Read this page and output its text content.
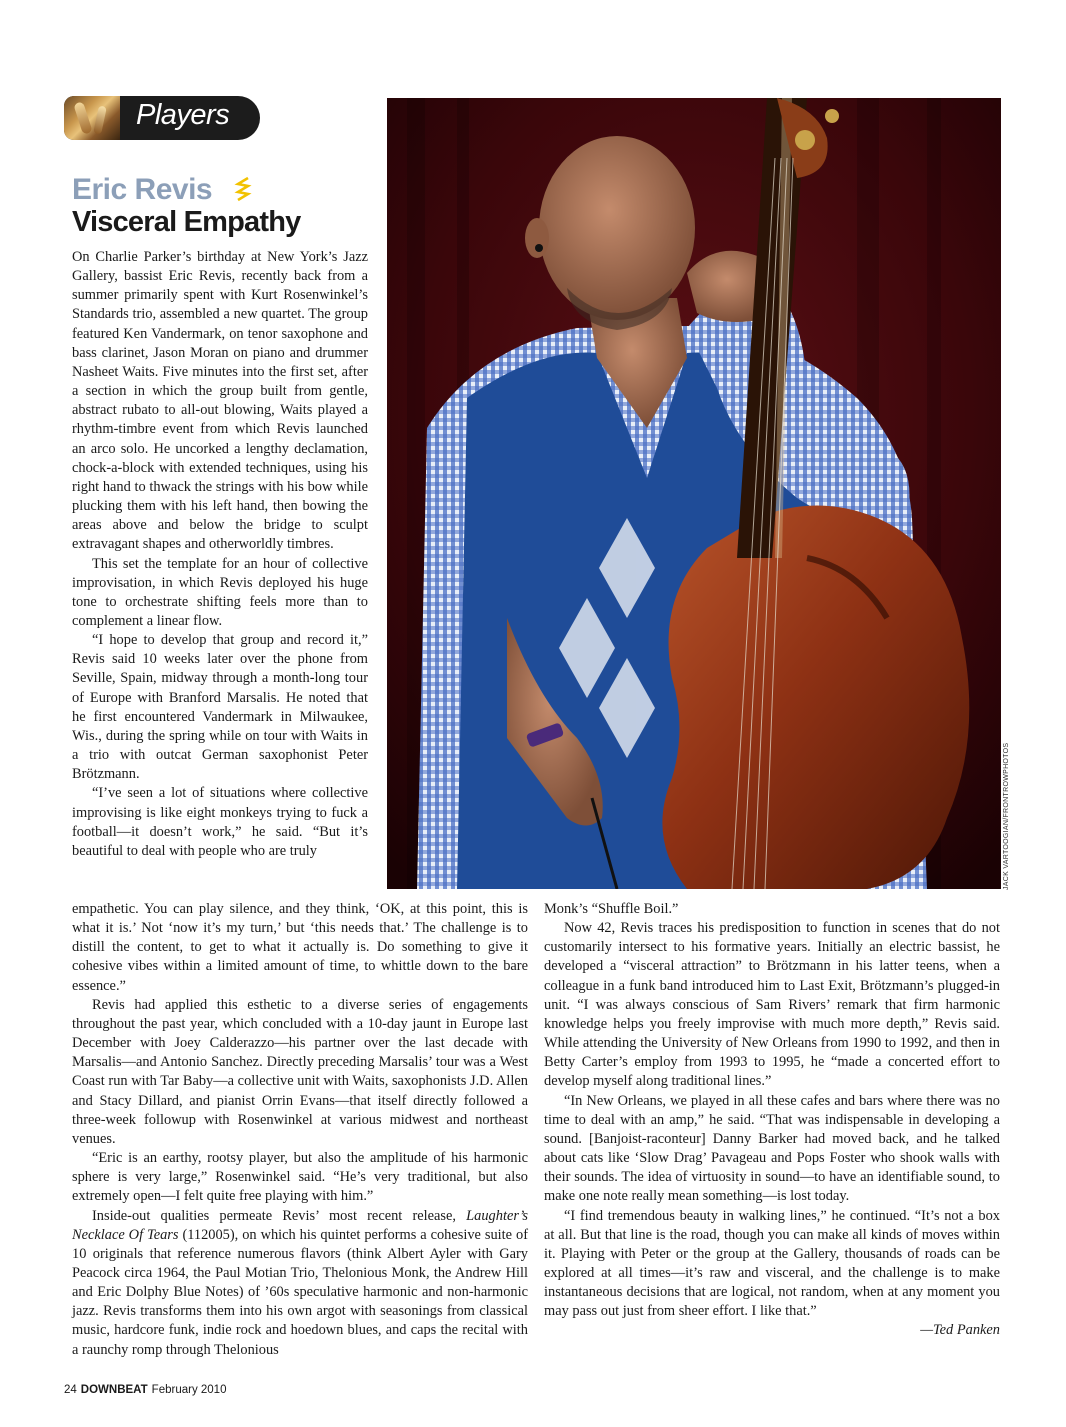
Players
Eric Revis
Visceral Empathy
JACK VARTOOGIAN/FRONTROWPHOTOS

On Charlie Parker’s birthday at New York’s Jazz Gallery, bassist Eric Revis, recently back from a summer primarily spent with Kurt Rosenwinkel’s Standards trio, assembled a new quartet. The group featured Ken Vandermark, on tenor saxophone and bass clarinet, Jason Moran on piano and drummer Nasheet Waits. Five minutes into the first set, after a section in which the group built from gentle, abstract rubato to all-out blowing, Waits played a rhythm-timbre event from which Revis launched an arco solo. He uncorked a lengthy declamation, chock-a-block with extended techniques, using his right hand to thwack the strings with his bow while plucking them with his left hand, then bowing the areas above and below the bridge to sculpt extravagant shapes and otherworldly timbres.

This set the template for an hour of collective improvisation, in which Revis deployed his huge tone to orchestrate shifting feels more than to complement a linear flow.

“I hope to develop that group and record it,” Revis said 10 weeks later over the phone from Seville, Spain, midway through a month-long tour of Europe with Branford Marsalis. He noted that he first encountered Vandermark in Milwaukee, Wis., during the spring while on tour with Waits in a trio with outcat German saxophonist Peter Brötzmann.

“I’ve seen a lot of situations where collective improvising is like eight monkeys trying to fuck a football—it doesn’t work,” he said. “But it’s beautiful to deal with people who are truly

empathetic. You can play silence, and they think, ‘OK, at this point, this is what it is.’ Not ‘now it’s my turn,’ but ‘this needs that.’ The challenge is to distill the content, to get to what it actually is. Do something to give it cohesive vibes within a limited amount of time, to whittle down to the bare essence.”

Revis had applied this esthetic to a diverse series of engagements throughout the past year, which concluded with a 10-day jaunt in Europe last December with Joey Calderazzo—his partner over the last decade with Marsalis—and Antonio Sanchez. Directly preceding Marsalis’ tour was a West Coast run with Tar Baby—a collective unit with Waits, saxophonists J.D. Allen and Stacy Dillard, and pianist Orrin Evans—that itself directly followed a three-week followup with Rosenwinkel at various midwest and northeast venues.

“Eric is an earthy, rootsy player, but also the amplitude of his harmonic sphere is very large,” Rosenwinkel said. “He’s very traditional, but also extremely open—I felt quite free playing with him.”

Inside-out qualities permeate Revis’ most recent release, Laughter’s Necklace Of Tears (112005), on which his quintet performs a cohesive suite of 10 originals that reference numerous flavors (think Albert Ayler with Gary Peacock circa 1964, the Paul Motian Trio, Thelonious Monk, the Andrew Hill and Eric Dolphy Blue Notes) of ’60s speculative harmonic and non-harmonic jazz. Revis transforms them into his own argot with seasonings from classical music, hardcore funk, indie rock and hoedown blues, and caps the recital with a raunchy romp through Thelonious

Monk’s “Shuffle Boil.”

Now 42, Revis traces his predisposition to function in scenes that do not customarily intersect to his formative years. Initially an electric bassist, he developed a “visceral attraction” to Brötzmann in his latter teens, when a colleague in a funk band introduced him to Last Exit, Brötzmann’s plugged-in unit. “I was always conscious of Sam Rivers’ remark that firm harmonic knowledge helps you freely improvise with much more depth,” Revis said. While attending the University of New Orleans from 1990 to 1992, and then in Betty Carter’s employ from 1993 to 1995, he “made a concerted effort to develop myself along traditional lines.”

“In New Orleans, we played in all these cafes and bars where there was no time to deal with an amp,” he said. “That was indispensable in developing a sound. [Banjoist-raconteur] Danny Barker had moved back, and he talked about cats like ‘Slow Drag’ Pavageau and Pops Foster who shook walls with their sounds. The idea of virtuosity in sound—to have an identifiable sound, to make one note really mean something—is lost today.

“I find tremendous beauty in walking lines,” he continued. “It’s not a box at all. But that line is the road, though you can make all kinds of moves within it. Playing with Peter or the group at the Gallery, thousands of roads can be explored at all times—it’s raw and visceral, and the challenge is to make instantaneous decisions that are logical, not random, when at any moment you may pass out just from sheer effort. I like that.”

—Ted Panken

24 DOWNBEAT February 2010
